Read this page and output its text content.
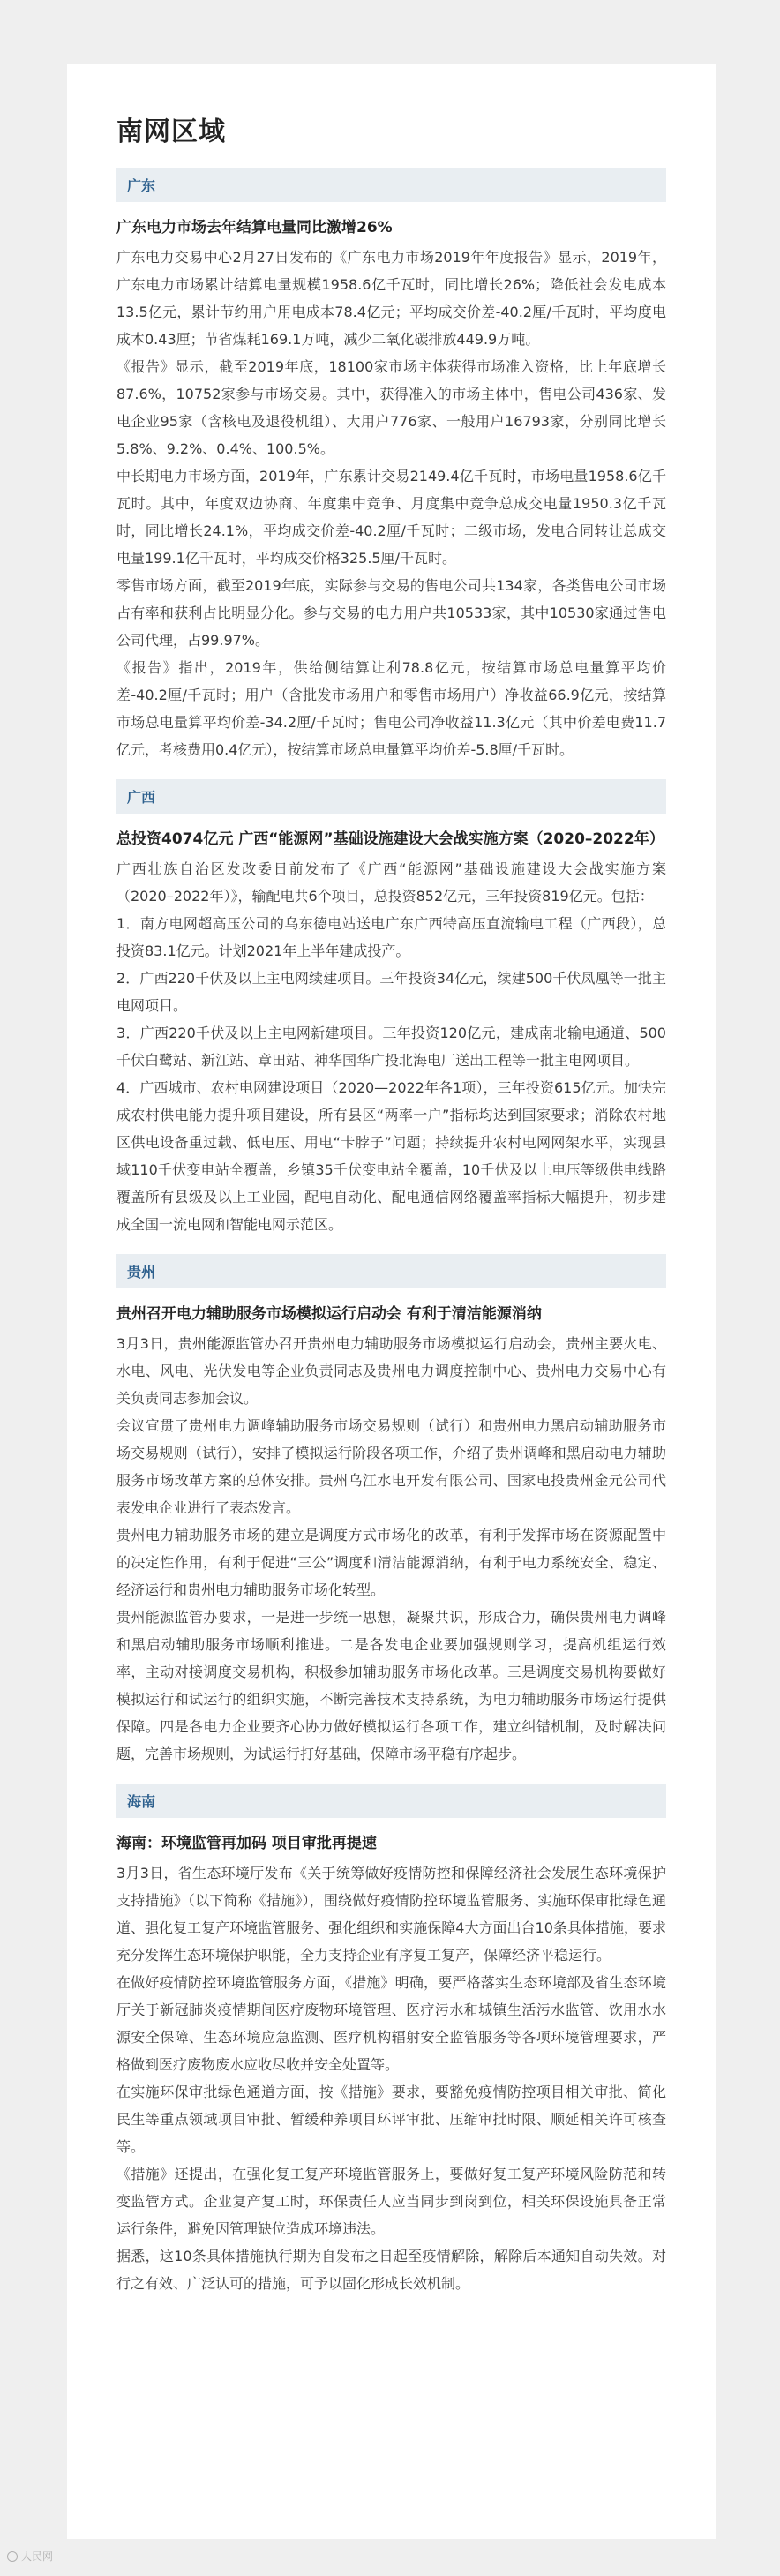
南网区域
广东
广东电力市场去年结算电量同比激增26%

广东电力交易中心2月27日发布的《广东电力市场2019年年度报告》显示，2019年，广东电力市场累计结算电量规模1958.6亿千瓦时，同比增长26%；降低社会发电成本13.5亿元，累计节约用户用电成本78.4亿元；平均成交价差-40.2厘/千瓦时，平均度电成本0.43厘；节省煤耗169.1万吨，减少二氧化碳排放449.9万吨。

《报告》显示，截至2019年底，18100家市场主体获得市场准入资格，比上年底增长87.6%，10752家参与市场交易。其中，获得准入的市场主体中，售电公司436家、发电企业95家（含核电及退役机组）、大用户776家、一般用户16793家，分别同比增长5.8%、9.2%、0.4%、100.5%。

中长期电力市场方面，2019年，广东累计交易2149.4亿千瓦时，市场电量1958.6亿千瓦时。其中，年度双边协商、年度集中竞争、月度集中竞争总成交电量1950.3亿千瓦时，同比增长24.1%，平均成交价差-40.2厘/千瓦时；二级市场，发电合同转让总成交电量199.1亿千瓦时，平均成交价格325.5厘/千瓦时。

零售市场方面，截至2019年底，实际参与交易的售电公司共134家，各类售电公司市场占有率和获利占比明显分化。参与交易的电力用户共10533家，其中10530家通过售电公司代理，占99.97%。

《报告》指出，2019年，供给侧结算让利78.8亿元，按结算市场总电量算平均价差-40.2厘/千瓦时；用户（含批发市场用户和零售市场用户）净收益66.9亿元，按结算市场总电量算平均价差-34.2厘/千瓦时；售电公司净收益11.3亿元（其中价差电费11.7亿元，考核费用0.4亿元），按结算市场总电量算平均价差-5.8厘/千瓦时。

广西
总投资4074亿元 广西“能源网”基础设施建设大会战实施方案（2020–2022年）

广西壮族自治区发改委日前发布了《广西“能源网”基础设施建设大会战实施方案（2020–2022年）》，输配电共6个项目，总投资852亿元，三年投资819亿元。包括：

1．南方电网超高压公司的乌东德电站送电广东广西特高压直流输电工程（广西段），总投资83.1亿元。计划2021年上半年建成投产。

2．广西220千伏及以上主电网续建项目。三年投资34亿元，续建500千伏凤凰等一批主电网项目。

3．广西220千伏及以上主电网新建项目。三年投资120亿元，建成南北输电通道、500千伏白鹭站、新江站、章田站、神华国华广投北海电厂送出工程等一批主电网项目。

4．广西城市、农村电网建设项目（2020—2022年各1项），三年投资615亿元。加快完成农村供电能力提升项目建设，所有县区“两率一户”指标均达到国家要求；消除农村地区供电设备重过载、低电压、用电“卡脖子”问题；持续提升农村电网网架水平，实现县域110千伏变电站全覆盖，乡镇35千伏变电站全覆盖，10千伏及以上电压等级供电线路覆盖所有县级及以上工业园，配电自动化、配电通信网络覆盖率指标大幅提升，初步建成全国一流电网和智能电网示范区。

贵州
贵州召开电力辅助服务市场模拟运行启动会 有利于清洁能源消纳

3月3日，贵州能源监管办召开贵州电力辅助服务市场模拟运行启动会，贵州主要火电、水电、风电、光伏发电等企业负责同志及贵州电力调度控制中心、贵州电力交易中心有关负责同志参加会议。

会议宣贯了贵州电力调峰辅助服务市场交易规则（试行）和贵州电力黑启动辅助服务市场交易规则（试行），安排了模拟运行阶段各项工作，介绍了贵州调峰和黑启动电力辅助服务市场改革方案的总体安排。贵州乌江水电开发有限公司、国家电投贵州金元公司代表发电企业进行了表态发言。

贵州电力辅助服务市场的建立是调度方式市场化的改革，有利于发挥市场在资源配置中的决定性作用，有利于促进“三公”调度和清洁能源消纳，有利于电力系统安全、稳定、经济运行和贵州电力辅助服务市场化转型。

贵州能源监管办要求，一是进一步统一思想，凝聚共识，形成合力，确保贵州电力调峰和黑启动辅助服务市场顺利推进。二是各发电企业要加强规则学习，提高机组运行效率，主动对接调度交易机构，积极参加辅助服务市场化改革。三是调度交易机构要做好模拟运行和试运行的组织实施，不断完善技术支持系统，为电力辅助服务市场运行提供保障。四是各电力企业要齐心协力做好模拟运行各项工作，建立纠错机制，及时解决问题，完善市场规则，为试运行打好基础，保障市场平稳有序起步。

海南
海南：环境监管再加码 项目审批再提速

3月3日，省生态环境厅发布《关于统筹做好疫情防控和保障经济社会发展生态环境保护支持措施》（以下简称《措施》），围绕做好疫情防控环境监管服务、实施环保审批绿色通道、强化复工复产环境监管服务、强化组织和实施保障4大方面出台10条具体措施，要求充分发挥生态环境保护职能，全力支持企业有序复工复产，保障经济平稳运行。

在做好疫情防控环境监管服务方面，《措施》明确，要严格落实生态环境部及省生态环境厅关于新冠肺炎疫情期间医疗废物环境管理、医疗污水和城镇生活污水监管、饮用水水源安全保障、生态环境应急监测、医疗机构辐射安全监管服务等各项环境管理要求，严格做到医疗废物废水应收尽收并安全处置等。

在实施环保审批绿色通道方面，按《措施》要求，要豁免疫情防控项目相关审批、简化民生等重点领域项目审批、暂缓种养项目环评审批、压缩审批时限、顺延相关许可核查等。

《措施》还提出，在强化复工复产环境监管服务上，要做好复工复产环境风险防范和转变监管方式。企业复产复工时，环保责任人应当同步到岗到位，相关环保设施具备正常运行条件，避免因管理缺位造成环境违法。

据悉，这10条具体措施执行期为自发布之日起至疫情解除，解除后本通知自动失效。对行之有效、广泛认可的措施，可予以固化形成长效机制。

人民网
